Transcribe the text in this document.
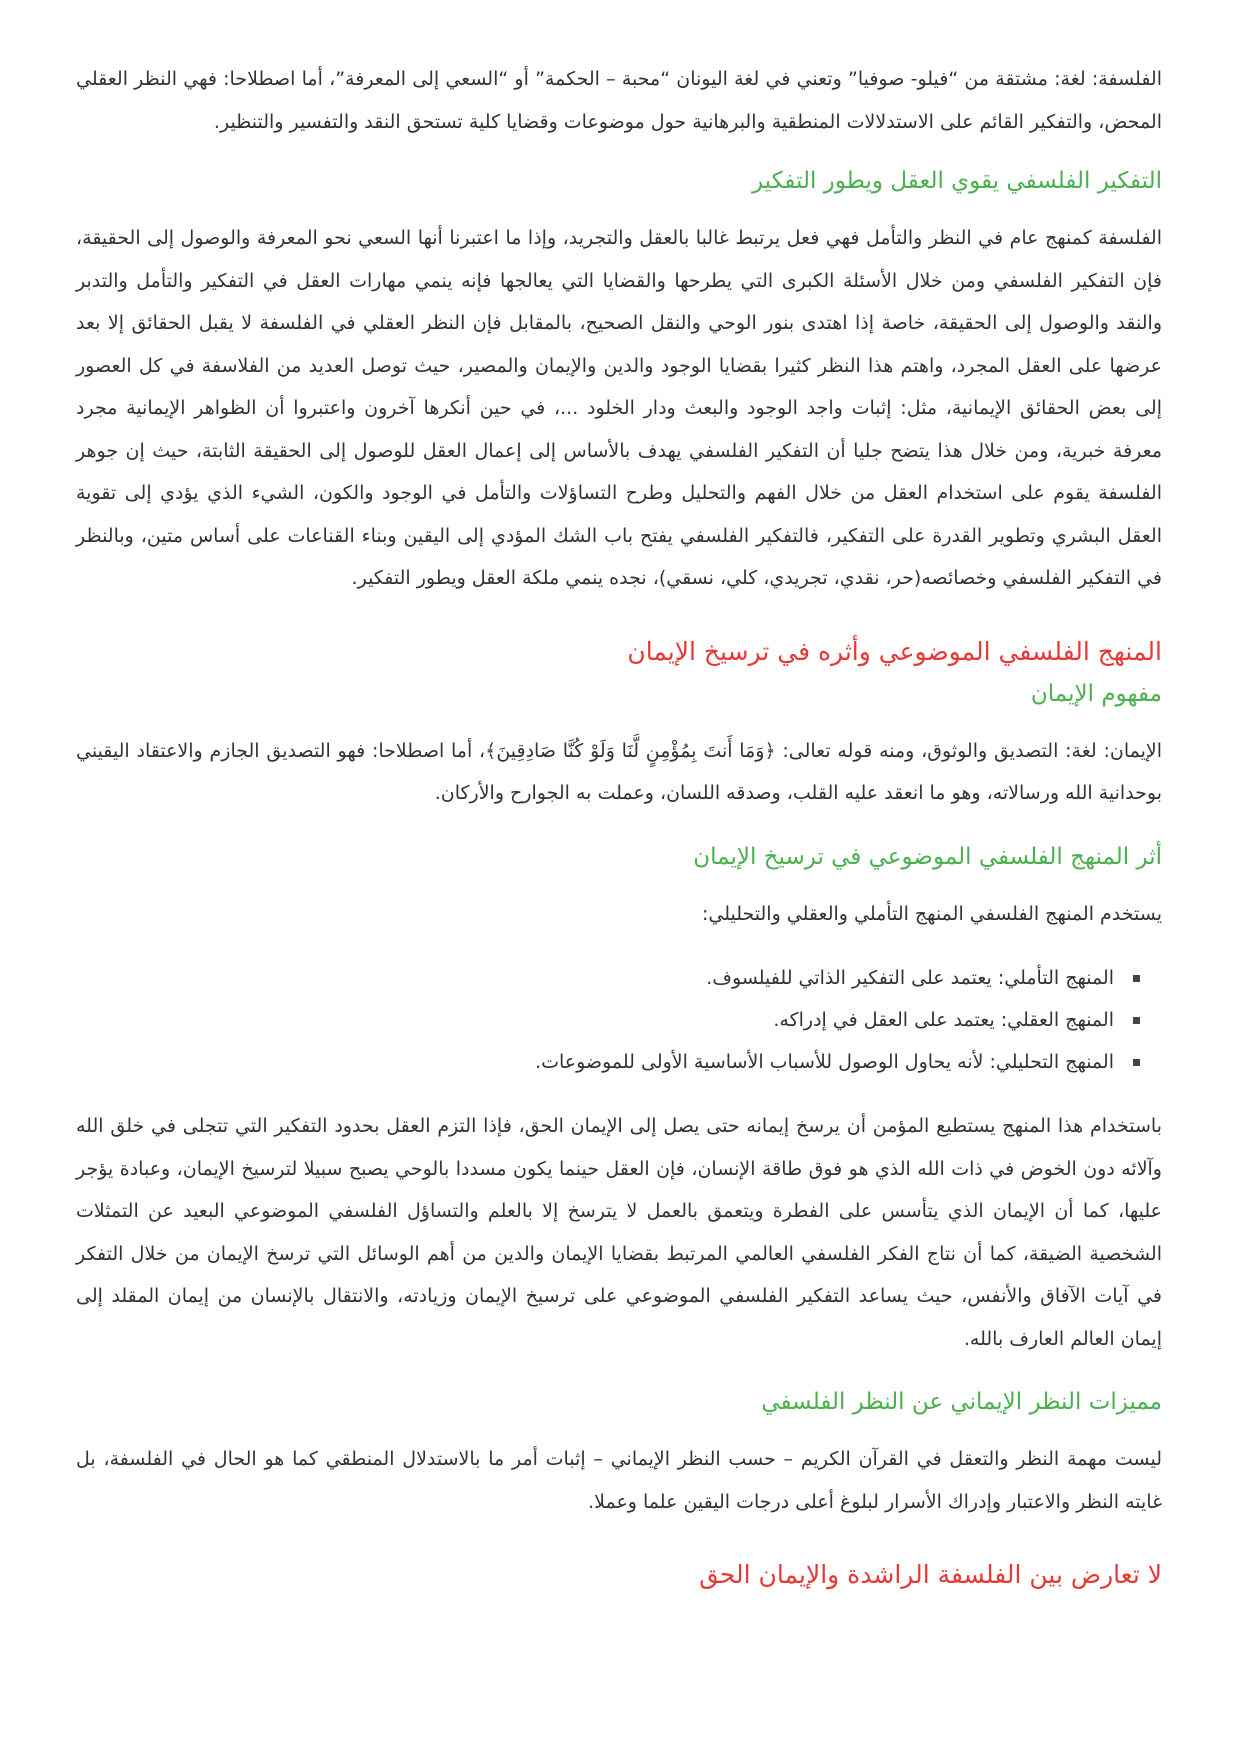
الفلسفة: لغة: مشتقة من “فيلو- صوفيا” وتعني في لغة اليونان “محبة – الحكمة” أو “السعي إلى المعرفة”، أما اصطلاحا: فهي النظر العقلي المحض، والتفكير القائم على الاستدلالات المنطقية والبرهانية حول موضوعات وقضايا كلية تستحق النقد والتفسير والتنظير.

التفكير الفلسفي يقوي العقل ويطور التفكير

الفلسفة كمنهج عام في النظر والتأمل فهي فعل يرتبط غالبا بالعقل والتجريد، وإذا ما اعتبرنا أنها السعي نحو المعرفة والوصول إلى الحقيقة، فإن التفكير الفلسفي ومن خلال الأسئلة الكبرى التي يطرحها والقضايا التي يعالجها فإنه ينمي مهارات العقل في التفكير والتأمل والتدبر والنقد والوصول إلى الحقيقة، خاصة إذا اهتدى بنور الوحي والنقل الصحيح، بالمقابل فإن النظر العقلي في الفلسفة لا يقبل الحقائق إلا بعد عرضها على العقل المجرد، واهتم هذا النظر كثيرا بقضايا الوجود والدين والإيمان والمصير، حيث توصل العديد من الفلاسفة في كل العصور إلى بعض الحقائق الإيمانية، مثل: إثبات واجد الوجود والبعث ودار الخلود ...، في حين أنكرها آخرون واعتبروا أن الظواهر الإيمانية مجرد معرفة خبرية، ومن خلال هذا يتضح جليا أن التفكير الفلسفي يهدف بالأساس إلى إعمال العقل للوصول إلى الحقيقة الثابتة، حيث إن جوهر الفلسفة يقوم على استخدام العقل من خلال الفهم والتحليل وطرح التساؤلات والتأمل في الوجود والكون، الشيء الذي يؤدي إلى تقوية العقل البشري وتطوير القدرة على التفكير، فالتفكير الفلسفي يفتح باب الشك المؤدي إلى اليقين وبناء القناعات على أساس متين، وبالنظر في التفكير الفلسفي وخصائصه(حر، نقدي، تجريدي، كلي، نسقي)، نجده ينمي ملكة العقل ويطور التفكير.

المنهج الفلسفي الموضوعي وأثره في ترسيخ الإيمان
مفهوم الإيمان

الإيمان: لغة: التصديق والوثوق، ومنه قوله تعالى: ﴿وَمَا أَنتَ بِمُؤْمِنٍ لَّنَا وَلَوْ كُنَّا صَادِقِينَ﴾، أما اصطلاحا: فهو التصديق الجازم والاعتقاد اليقيني بوحدانية الله ورسالاته، وهو ما انعقد عليه القلب، وصدقه اللسان، وعملت به الجوارح والأركان.

أثر المنهج الفلسفي الموضوعي في ترسيخ الإيمان

يستخدم المنهج الفلسفي المنهج التأملي والعقلي والتحليلي:

المنهج التأملي: يعتمد على التفكير الذاتي للفيلسوف.
المنهج العقلي: يعتمد على العقل في إدراكه.
المنهج التحليلي: لأنه يحاول الوصول للأسباب الأساسية الأولى للموضوعات.

باستخدام هذا المنهج يستطيع المؤمن أن يرسخ إيمانه حتى يصل إلى الإيمان الحق، فإذا التزم العقل بحدود التفكير التي تتجلى في خلق الله وآلائه دون الخوض في ذات الله الذي هو فوق طاقة الإنسان، فإن العقل حينما يكون مسددا بالوحي يصبح سبيلا لترسيخ الإيمان، وعبادة يؤجر عليها، كما أن الإيمان الذي يتأسس على الفطرة ويتعمق بالعمل لا يترسخ إلا بالعلم والتساؤل الفلسفي الموضوعي البعيد عن التمثلات الشخصية الضيقة، كما أن نتاج الفكر الفلسفي العالمي المرتبط بقضايا الإيمان والدين من أهم الوسائل التي ترسخ الإيمان من خلال التفكر في آيات الآفاق والأنفس، حيث يساعد التفكير الفلسفي الموضوعي على ترسيخ الإيمان وزيادته، والانتقال بالإنسان من إيمان المقلد إلى إيمان العالم العارف بالله.

مميزات النظر الإيماني عن النظر الفلسفي

ليست مهمة النظر والتعقل في القرآن الكريم – حسب النظر الإيماني – إثبات أمر ما بالاستدلال المنطقي كما هو الحال في الفلسفة، بل غايته النظر والاعتبار وإدراك الأسرار لبلوغ أعلى درجات اليقين علما وعملا.

لا تعارض بين الفلسفة الراشدة والإيمان الحق
